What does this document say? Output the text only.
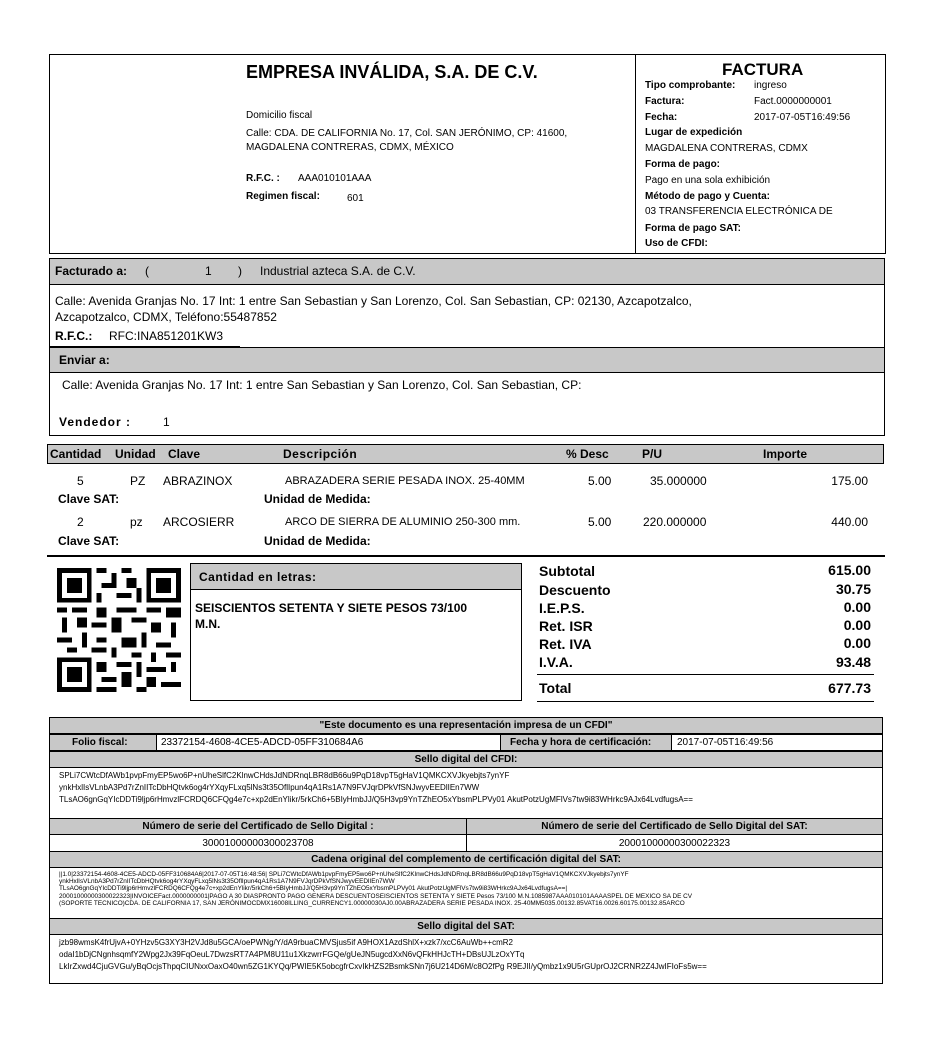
EMPRESA INVÁLIDA, S.A. DE C.V.
Domicilio fiscal
Calle: CDA. DE CALIFORNIA No. 17, Col. SAN JERÓNIMO, CP: 41600,
MAGDALENA CONTRERAS, CDMX, MÉXICO
R.F.C. : AAA010101AAA
Regimen fiscal:	601
FACTURA
Tipo comprobante: ingreso
Factura:	Fact.0000000001
Fecha:	2017-07-05T16:49:56
Lugar de expedición
MAGDALENA CONTRERAS, CDMX
Forma de pago:
Pago en una sola exhibición
Método de pago y Cuenta:
03 TRANSFERENCIA ELECTRÓNICA DE
Forma de pago SAT:
Uso de CFDI:
Facturado a: (	1 ) Industrial azteca S.A. de C.V.
Calle: Avenida Granjas No. 17 Int: 1 entre San Sebastian y San Lorenzo, Col. San Sebastian, CP: 02130, Azcapotzalco,
Azcapotzalco, CDMX, Teléfono:55487852
R.F.C.: RFC:INA851201KW3
Enviar a:
Calle: Avenida Granjas No. 17 Int: 1 entre San Sebastian y San Lorenzo, Col. San Sebastian, CP:
Vendedor :	1
Cantidad Unidad Clave	Descripción	% Desc	P/U	Importe
5	PZ ABRAZINOX	ABRAZADERA SERIE PESADA INOX. 25-40MM	5.00	35.000000	175.00
Clave SAT:	Unidad de Medida:
2	pz ARCOSIERR	ARCO DE SIERRA DE ALUMINIO 250-300 mm.	5.00	220.000000	440.00
Clave SAT:	Unidad de Medida:
Cantidad en letras:
SEISCIENTOS SETENTA Y SIETE PESOS 73/100
M.N.
Subtotal	615.00
Descuento	30.75
I.E.P.S.	0.00
Ret. ISR	0.00
Ret. IVA	0.00
I.V.A.	93.48
Total	677.73
"Este documento es una representación impresa de un CFDI"
Folio fiscal:	23372154-4608-4CE5-ADCD-05FF310684A6	Fecha y hora de certificación:	2017-07-05T16:49:56
Sello digital del CFDI:
SPLi7CWtcDfAWb1pvpFmyEP5wo6P+nUheSlfC2KlnwCHdsJdNDRnqLBR8dB66u9PqD18vpT5gHaV1QMKCXVJkyebjts7ynYF
ynkHxlIsVLnbA3Pd7rZnIITcDbHQtvk6og4rYXqyFLxq5lNs3t35OflIpun4qA1Rs1A7N9FVJqrDPkVfSNJwyvEEDlIEn7WW
TLsAO6gnGqYIcDDTi9ljp6rHmvzlFCRDQ6CFQg4e7c+xp2dEnYlikr/5rkCh6+5BIyHmbJJ/Q5H3vp9YnTZhEO5xYbsmPLPVy01 AkutPotzUgMFlVs7tw9i83WHrkc9AJx64LvdfugsA==
Número de serie del Certificado de Sello Digital :	Número de serie del Certificado de Sello Digital del SAT:
30001000000300023708	20001000000300022323
Cadena original del complemento de certificación digital del SAT:
||1.0|23372154-4608-4CE5-ADCD-05FF310684A6|2017-07-05T16:48:56| SPLi7CWtcDfAWb1pvpFmyEP5wo6P+nUheSlfC2KlnwCHdsJdNDRnqLBR8dB66u9PqD18vpT5gHaV1QMKCXVJkyebjts7ynYF
ynkHxlIsVLnbA3Pd7rZnIITcDbHQtvk6og4rYXqyFLxq5lNs3t35OflIpun4qA1Rs1A7N9FVJqrDPkVfSNJwyvEEDlIEn7WW
TLsAO6gnGqYIcDDTi9ljp6rHmvzlFCRDQ6CFQg4e7c+xp2dEnYlikr/5rkCh6+5BIyHmbJJ/Q5H3vp9YnTZhEO5xYbsmPLPVy01 AkutPotzUgMFlVs7tw9i83WHrkc9AJx64LvdfugsA==|
20001000000300022323|INVOICEFact.0000000001|PAGO A 30 DIASPRONTO PAGO GENERA DESCUENTOSEISCIENTOS SETENTA Y SIETE Pesos 73/100 M.N.1085987AAA010101AAAASPEL DE MEXICO SA DE CV
(SOPORTE TECNICO)CDA. DE CALIFORNIA 17, SAN JERÓNIMOCDMX16008ILLING_CURRENCY1.00000030AJ0.00ABRAZADERA SERIE PESADA INOX. 25-40MM5035.00132.85VAT16.0026.60175.00132.85ARCO
Sello digital del SAT:
jzb98wmsK4frUjvA+0YHzv5G3XY3H2VJd8u5GCA/oePWNg/Y/dA9rbuaCMVSjus5if A9HOX1AzdShlX+xzk7/xcC6AuWb++cmR2
odaI1bDjCNgnhsqmfY2Wpg2Jx39FqOeuL7DwzsRT7A4PM8U11u1XkzwrrFGQe/gUeJN5ugcdXxN6vQFkHHJcTH+DBsUJLzOxYTq
LkIrZxwd4CjuGVGu/yBqOcjsThpqCIUNxxOaxO40wn5ZG1KYQq/PWIE5K5obcgfrCxvIkHZS2BsmkSNn7j6U214D6M/c8O2fPg R9EJII/yQmbz1x9U5rGUprOJ2CRNR2Z4JwIFIoFs5w==
